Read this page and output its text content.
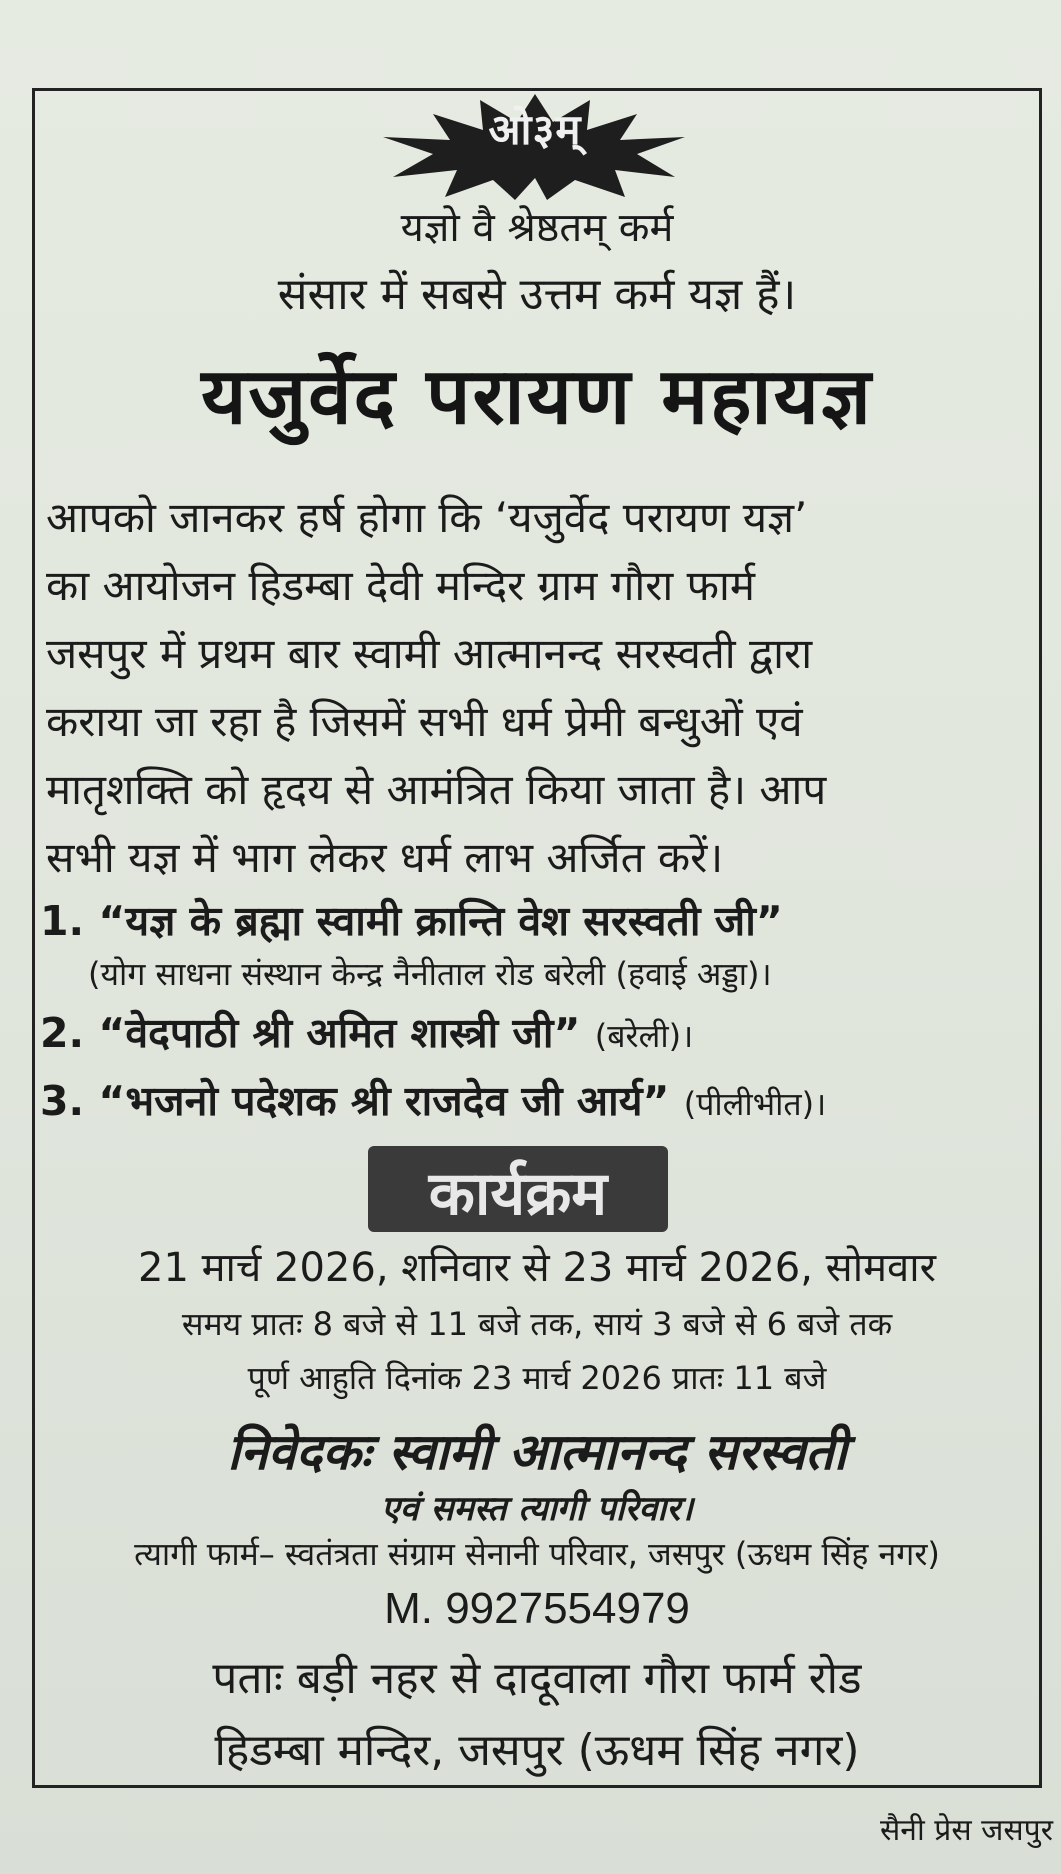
ओ३म्
यज्ञो वै श्रेष्ठतम् कर्म
संसार में सबसे उत्तम कर्म यज्ञ हैं।
यजुर्वेद परायण महायज्ञ
आपको जानकर हर्ष होगा कि ‘यजुर्वेद परायण यज्ञ’
का आयोजन हिडम्बा देवी मन्दिर ग्राम गौरा फार्म
जसपुर में प्रथम बार स्वामी आत्मानन्द सरस्वती द्वारा
कराया जा रहा है जिसमें सभी धर्म प्रेमी बन्धुओं एवं
मातृशक्ति को हृदय से आमंत्रित किया जाता है। आप
सभी यज्ञ में भाग लेकर धर्म लाभ अर्जित करें।
1. “यज्ञ के ब्रह्मा स्वामी क्रान्ति वेश सरस्वती जी”
(योग साधना संस्थान केन्द्र नैनीताल रोड बरेली (हवाई अड्डा)।
2. “वेदपाठी श्री अमित शास्त्री जी” (बरेली)।
3. “भजनो पदेशक श्री राजदेव जी आर्य” (पीलीभीत)।
कार्यक्रम
21 मार्च 2026, शनिवार से 23 मार्च 2026, सोमवार
समय प्रातः 8 बजे से 11 बजे तक, सायं 3 बजे से 6 बजे तक
पूर्ण आहुति दिनांक 23 मार्च 2026 प्रातः 11 बजे
निवेदकः स्वामी आत्मानन्द सरस्वती
एवं समस्त त्यागी परिवार।
त्यागी फार्म– स्वतंत्रता संग्राम सेनानी परिवार, जसपुर (ऊधम सिंह नगर)
M. 9927554979
पताः बड़ी नहर से दादूवाला गौरा फार्म रोड
हिडम्बा मन्दिर, जसपुर (ऊधम सिंह नगर)
सैनी प्रेस जसपुर
